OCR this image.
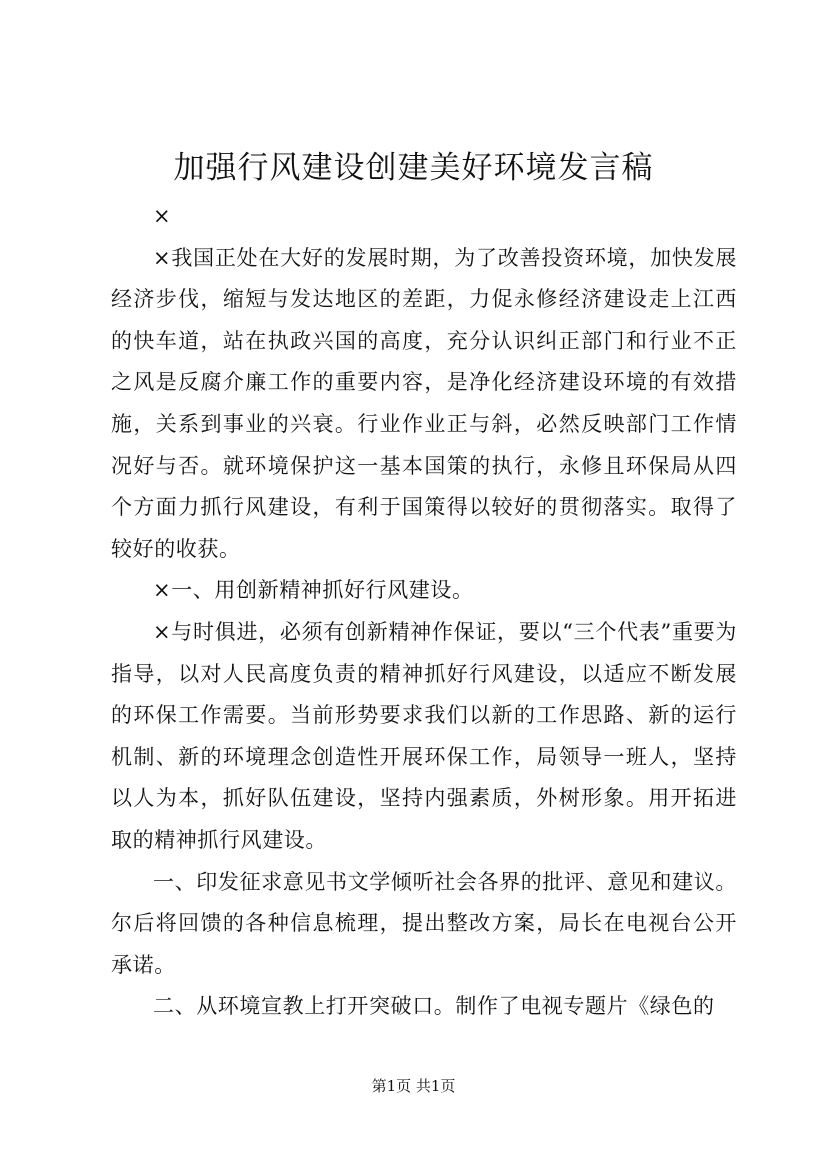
加强行风建设创建美好环境发言稿

×

×我国正处在大好的发展时期，为了改善投资环境，加快发展经济步伐，缩短与发达地区的差距，力促永修经济建设走上江西的快车道，站在执政兴国的高度，充分认识纠正部门和行业不正之风是反腐介廉工作的重要内容，是净化经济建设环境的有效措施，关系到事业的兴衰。行业作业正与斜，必然反映部门工作情况好与否。就环境保护这一基本国策的执行，永修且环保局从四个方面力抓行风建设，有利于国策得以较好的贯彻落实。取得了较好的收获。

×一、用创新精神抓好行风建设。

×与时俱进，必须有创新精神作保证，要以“三个代表”重要为指导，以对人民高度负责的精神抓好行风建设，以适应不断发展的环保工作需要。当前形势要求我们以新的工作思路、新的运行机制、新的环境理念创造性开展环保工作，局领导一班人，坚持以人为本，抓好队伍建设，坚持内强素质，外树形象。用开拓进取的精神抓行风建设。

一、印发征求意见书文学倾听社会各界的批评、意见和建议。尔后将回馈的各种信息梳理，提出整改方案，局长在电视台公开承诺。

二、从环境宣教上打开突破口。制作了电视专题片《绿色的

第1页 共1页
